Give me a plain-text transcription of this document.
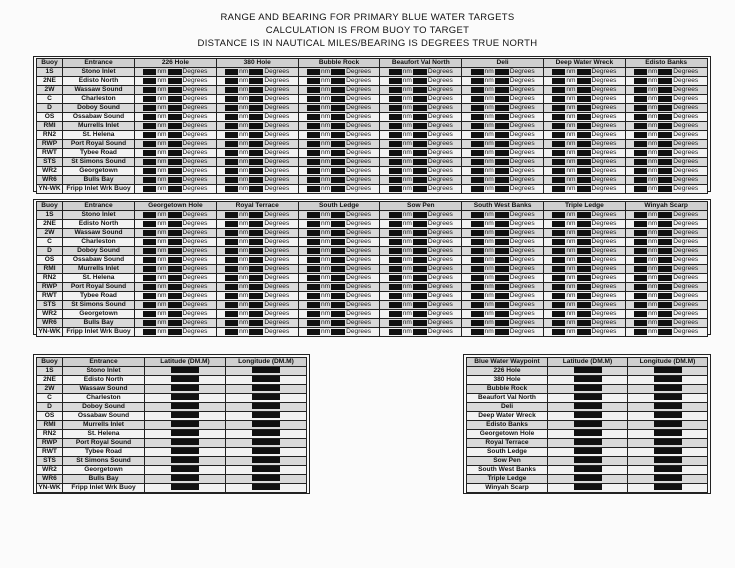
RANGE AND BEARING FOR PRIMARY BLUE WATER TARGETS
CALCULATION IS FROM BUOY TO TARGET
DISTANCE IS IN NAUTICAL MILES/BEARING IS DEGREES TRUE NORTH
Buoy	Entrance	226 Hole	380 Hole	Bubble Rock	Beaufort Val North	Deli	Deep Water Wreck	Edisto Banks
1S	Stono Inlet	nm Degrees	nm Degrees	nm Degrees	nm Degrees	nm Degrees	nm Degrees	nm Degrees

2NE	Edisto North	nm Degrees	nm Degrees	nm Degrees	nm Degrees	nm Degrees	nm Degrees	nm Degrees

2W	Wassaw Sound	nm Degrees	nm Degrees	nm Degrees	nm Degrees	nm Degrees	nm Degrees	nm Degrees

C	Charleston	nm Degrees	nm Degrees	nm Degrees	nm Degrees	nm Degrees	nm Degrees	nm Degrees

D	Doboy Sound	nm Degrees	nm Degrees	nm Degrees	nm Degrees	nm Degrees	nm Degrees	nm Degrees

OS	Ossabaw Sound	nm Degrees	nm Degrees	nm Degrees	nm Degrees	nm Degrees	nm Degrees	nm Degrees

RMI	Murrells Inlet	nm Degrees	nm Degrees	nm Degrees	nm Degrees	nm Degrees	nm Degrees	nm Degrees

RN2	St. Helena	nm Degrees	nm Degrees	nm Degrees	nm Degrees	nm Degrees	nm Degrees	nm Degrees

RWP	Port Royal Sound	nm Degrees	nm Degrees	nm Degrees	nm Degrees	nm Degrees	nm Degrees	nm Degrees

RWT	Tybee Road	nm Degrees	nm Degrees	nm Degrees	nm Degrees	nm Degrees	nm Degrees	nm Degrees

STS	St Simons Sound	nm Degrees	nm Degrees	nm Degrees	nm Degrees	nm Degrees	nm Degrees	nm Degrees

WR2	Georgetown	nm Degrees	nm Degrees	nm Degrees	nm Degrees	nm Degrees	nm Degrees	nm Degrees

WR6	Bulls Bay	nm Degrees	nm Degrees	nm Degrees	nm Degrees	nm Degrees	nm Degrees	nm Degrees

YN-WK	Fripp Inlet Wrk Buoy	nm Degrees	nm Degrees	nm Degrees	nm Degrees	nm Degrees	nm Degrees	nm Degrees
Buoy	Entrance	Georgetown Hole	Royal Terrace	South Ledge	Sow Pen	South West Banks	Triple Ledge	Winyah Scarp
1S	Stono Inlet	nm Degrees	nm Degrees	nm Degrees	nm Degrees	nm Degrees	nm Degrees	nm Degrees

2NE	Edisto North	nm Degrees	nm Degrees	nm Degrees	nm Degrees	nm Degrees	nm Degrees	nm Degrees

2W	Wassaw Sound	nm Degrees	nm Degrees	nm Degrees	nm Degrees	nm Degrees	nm Degrees	nm Degrees

C	Charleston	nm Degrees	nm Degrees	nm Degrees	nm Degrees	nm Degrees	nm Degrees	nm Degrees

D	Doboy Sound	nm Degrees	nm Degrees	nm Degrees	nm Degrees	nm Degrees	nm Degrees	nm Degrees

OS	Ossabaw Sound	nm Degrees	nm Degrees	nm Degrees	nm Degrees	nm Degrees	nm Degrees	nm Degrees

RMI	Murrells Inlet	nm Degrees	nm Degrees	nm Degrees	nm Degrees	nm Degrees	nm Degrees	nm Degrees

RN2	St. Helena	nm Degrees	nm Degrees	nm Degrees	nm Degrees	nm Degrees	nm Degrees	nm Degrees

RWP	Port Royal Sound	nm Degrees	nm Degrees	nm Degrees	nm Degrees	nm Degrees	nm Degrees	nm Degrees

RWT	Tybee Road	nm Degrees	nm Degrees	nm Degrees	nm Degrees	nm Degrees	nm Degrees	nm Degrees

STS	St Simons Sound	nm Degrees	nm Degrees	nm Degrees	nm Degrees	nm Degrees	nm Degrees	nm Degrees

WR2	Georgetown	nm Degrees	nm Degrees	nm Degrees	nm Degrees	nm Degrees	nm Degrees	nm Degrees

WR6	Bulls Bay	nm Degrees	nm Degrees	nm Degrees	nm Degrees	nm Degrees	nm Degrees	nm Degrees

YN-WK	Fripp Inlet Wrk Buoy	nm Degrees	nm Degrees	nm Degrees	nm Degrees	nm Degrees	nm Degrees	nm Degrees
Buoy	Entrance	Latitude (DM.M)	Longitude (DM.M)
1S	Stono Inlet		
2NE	Edisto North		
2W	Wassaw Sound		
C	Charleston		
D	Doboy Sound		
OS	Ossabaw Sound		
RMI	Murrells Inlet		
RN2	St. Helena		
RWP	Port Royal Sound		
RWT	Tybee Road		
STS	St Simons Sound		
WR2	Georgetown		
WR6	Bulls Bay		
YN-WK	Fripp Inlet Wrk Buoy		
Blue Water Waypoint	Latitude (DM.M)	Longitude (DM.M)
226 Hole		
380 Hole		
Bubble Rock		
Beaufort Val North		
Deli		
Deep Water Wreck		
Edisto Banks		
Georgetown Hole		
Royal Terrace		
South Ledge		
Sow Pen		
South West Banks		
Triple Ledge		
Winyah Scarp		
